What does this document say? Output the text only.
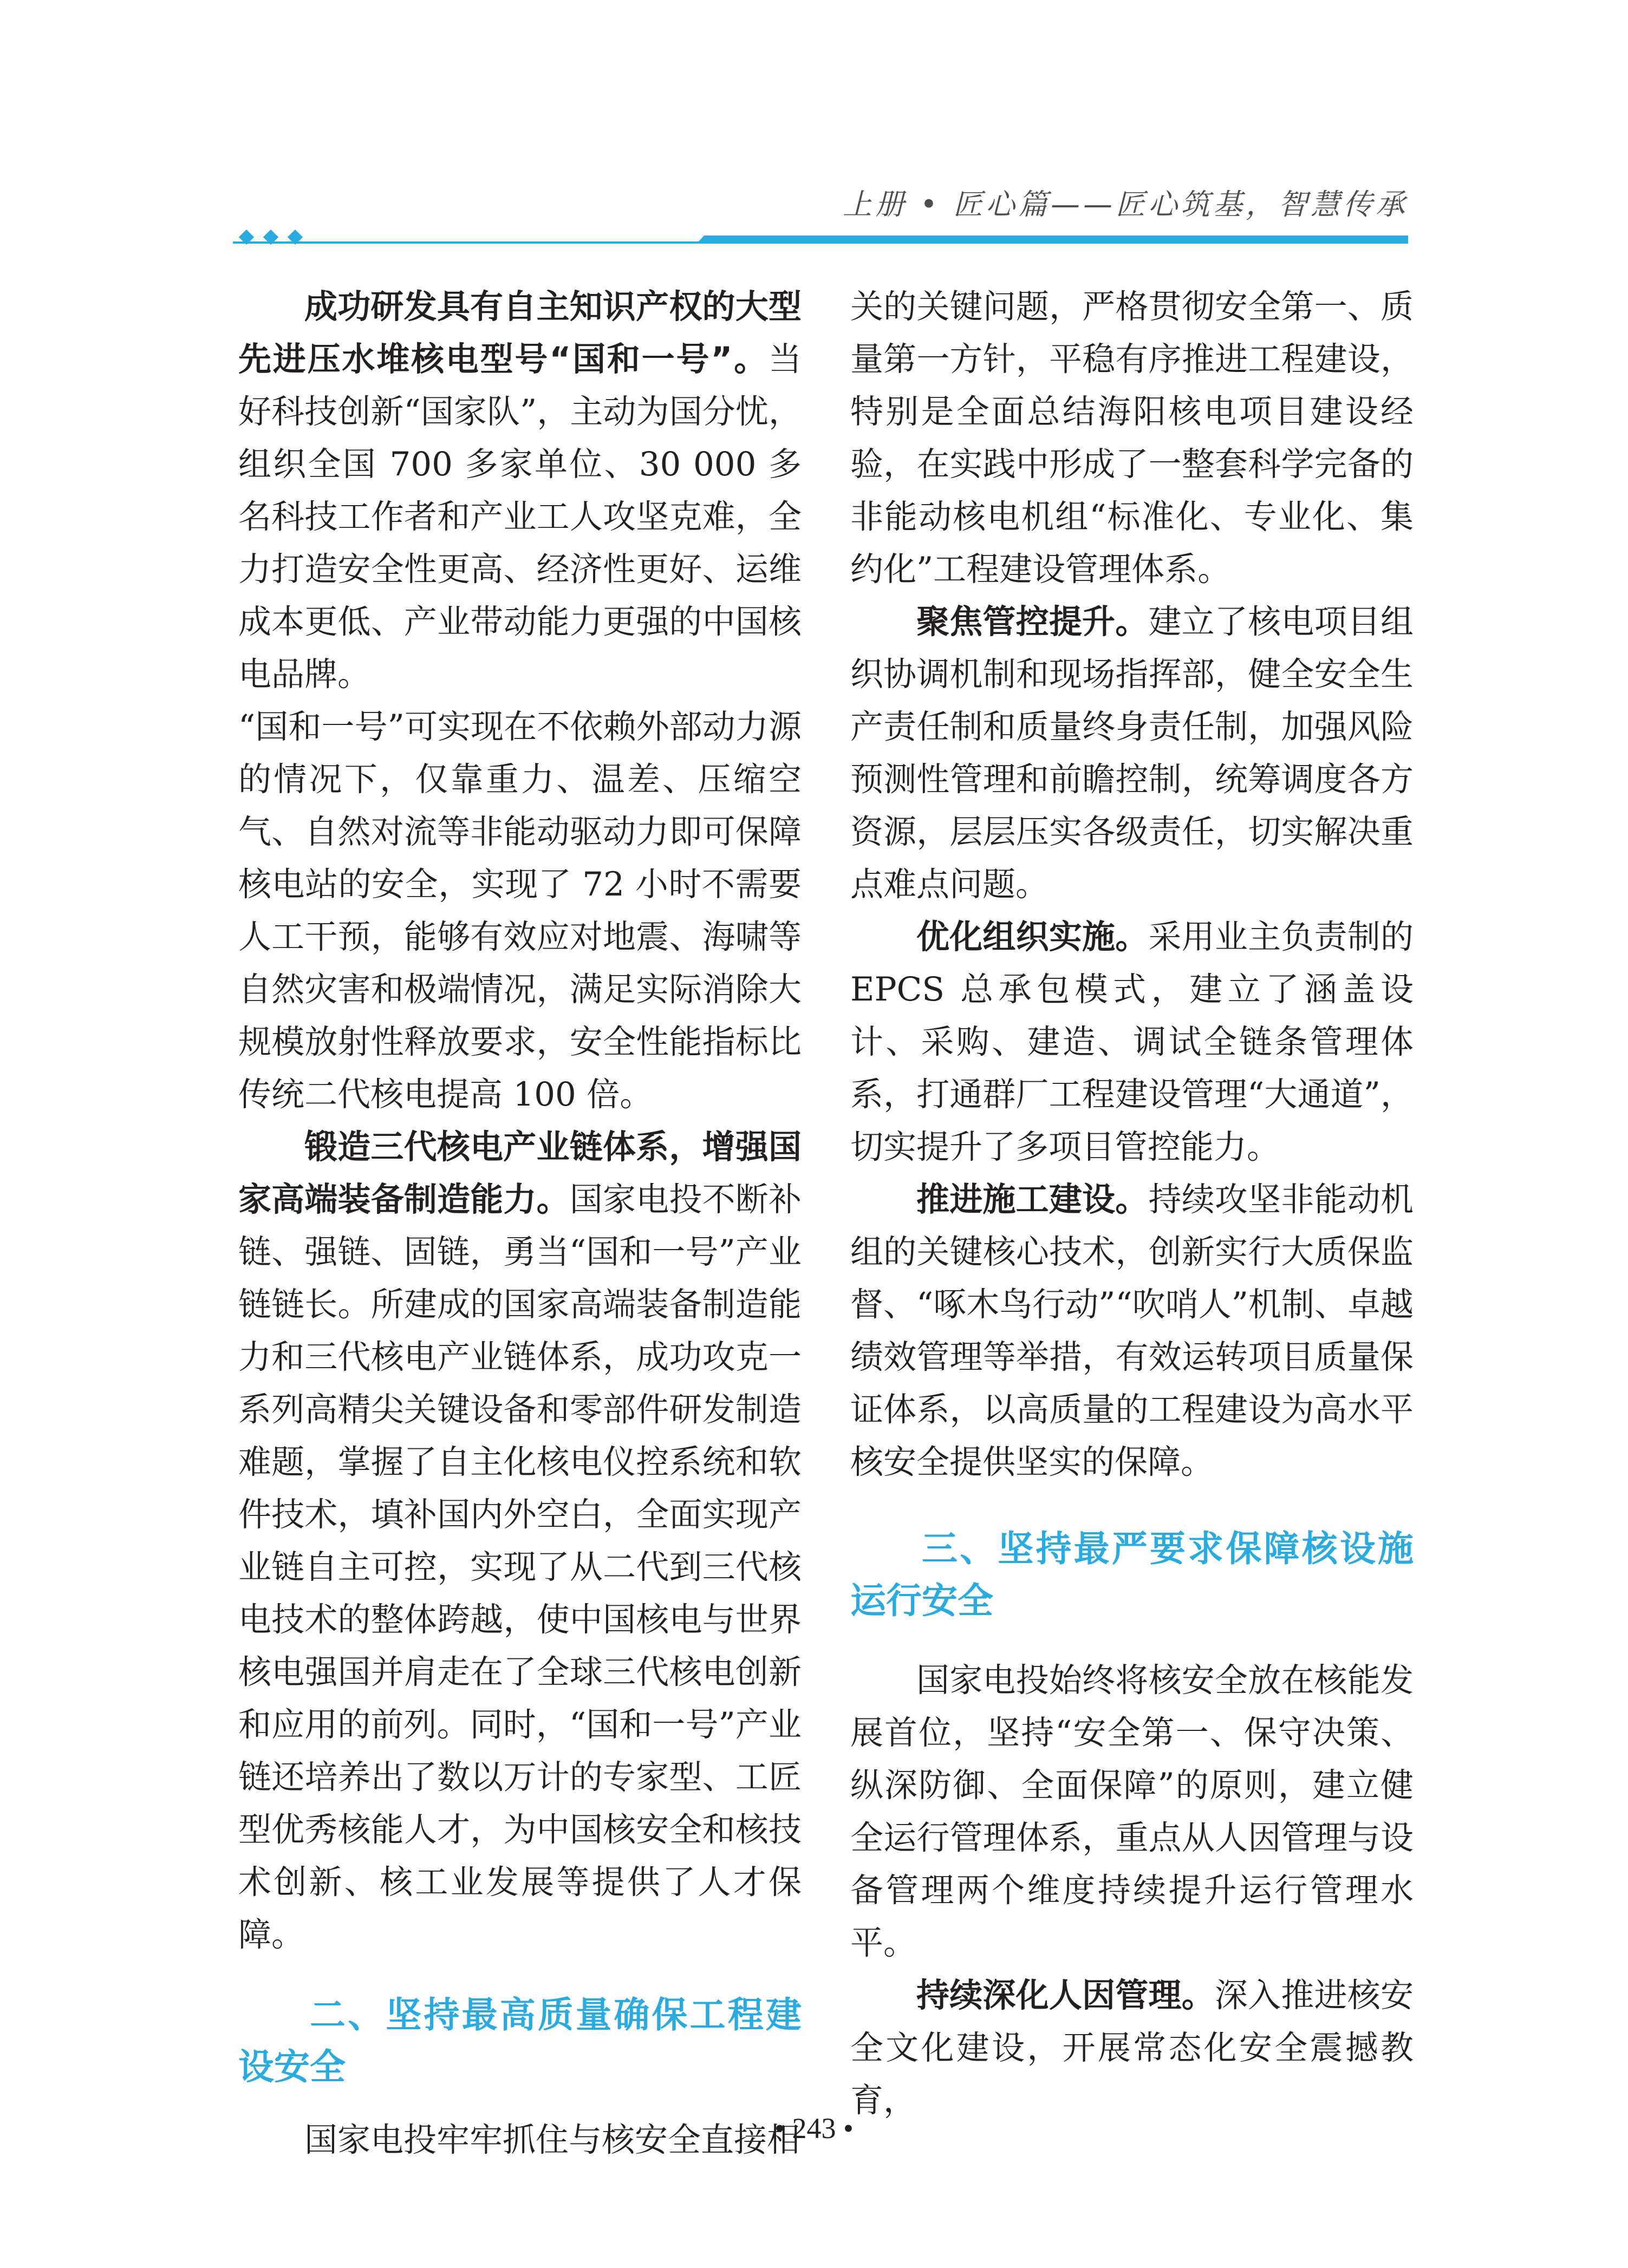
上册 • 匠心篇——匠心筑基，智慧传承

成功研发具有自主知识产权的大型先进压水堆核电型号“国和一号”。当好科技创新“国家队”，主动为国分忧，组织全国 700 多家单位、30 000 多名科技工作者和产业工人攻坚克难，全力打造安全性更高、经济性更好、运维成本更低、产业带动能力更强的中国核电品牌。

“国和一号”可实现在不依赖外部动力源的情况下，仅靠重力、温差、压缩空气、自然对流等非能动驱动力即可保障核电站的安全，实现了 72 小时不需要人工干预，能够有效应对地震、海啸等自然灾害和极端情况，满足实际消除大规模放射性释放要求，安全性能指标比传统二代核电提高 100 倍。

锻造三代核电产业链体系，增强国家高端装备制造能力。国家电投不断补链、强链、固链，勇当“国和一号”产业链链长。所建成的国家高端装备制造能力和三代核电产业链体系，成功攻克一系列高精尖关键设备和零部件研发制造难题，掌握了自主化核电仪控系统和软件技术，填补国内外空白，全面实现产业链自主可控，实现了从二代到三代核电技术的整体跨越，使中国核电与世界核电强国并肩走在了全球三代核电创新和应用的前列。同时，“国和一号”产业链还培养出了数以万计的专家型、工匠型优秀核能人才，为中国核安全和核技术创新、核工业发展等提供了人才保障。

二、坚持最高质量确保工程建设安全

国家电投牢牢抓住与核安全直接相

关的关键问题，严格贯彻安全第一、质量第一方针，平稳有序推进工程建设，特别是全面总结海阳核电项目建设经验，在实践中形成了一整套科学完备的非能动核电机组“标准化、专业化、集约化”工程建设管理体系。

聚焦管控提升。建立了核电项目组织协调机制和现场指挥部，健全安全生产责任制和质量终身责任制，加强风险预测性管理和前瞻控制，统筹调度各方资源，层层压实各级责任，切实解决重点难点问题。

优化组织实施。采用业主负责制的 EPCS 总承包模式，建立了涵盖设计、采购、建造、调试全链条管理体系，打通群厂工程建设管理“大通道”，切实提升了多项目管控能力。

推进施工建设。持续攻坚非能动机组的关键核心技术，创新实行大质保监督、“啄木鸟行动”“吹哨人”机制、卓越绩效管理等举措，有效运转项目质量保证体系，以高质量的工程建设为高水平核安全提供坚实的保障。

三、坚持最严要求保障核设施运行安全

国家电投始终将核安全放在核能发展首位，坚持“安全第一、保守决策、纵深防御、全面保障”的原则，建立健全运行管理体系，重点从人因管理与设备管理两个维度持续提升运行管理水平。

持续深化人因管理。深入推进核安全文化建设，开展常态化安全震撼教育，

• 243 •
